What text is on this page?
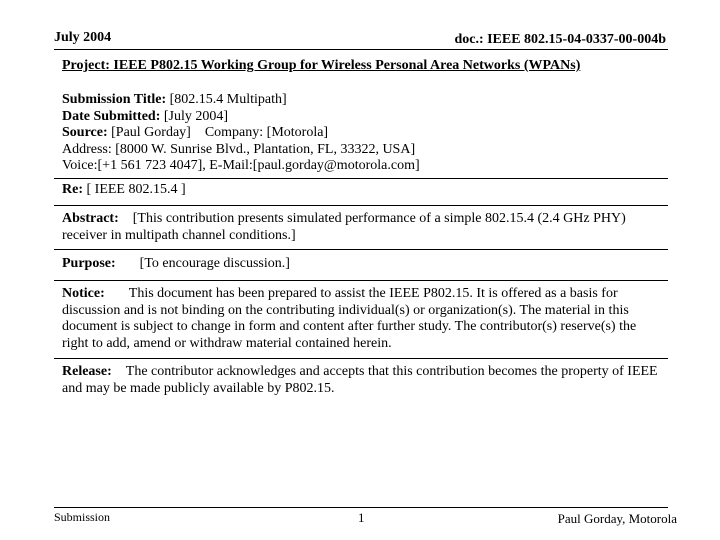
July 2004	doc.: IEEE 802.15-04-0337-00-004b
Project: IEEE P802.15 Working Group for Wireless Personal Area Networks (WPANs)
Submission Title: [802.15.4 Multipath]
Date Submitted: [July 2004]
Source: [Paul Gorday] Company: [Motorola]
Address: [8000 W. Sunrise Blvd., Plantation, FL, 33322, USA]
Voice:[+1 561 723 4047], E-Mail:[paul.gorday@motorola.com]
Re: [ IEEE 802.15.4 ]
Abstract: [This contribution presents simulated performance of a simple 802.15.4 (2.4 GHz PHY) receiver in multipath channel conditions.]
Purpose: [To encourage discussion.]
Notice: This document has been prepared to assist the IEEE P802.15. It is offered as a basis for discussion and is not binding on the contributing individual(s) or organization(s). The material in this document is subject to change in form and content after further study. The contributor(s) reserve(s) the right to add, amend or withdraw material contained herein.
Release: The contributor acknowledges and accepts that this contribution becomes the property of IEEE and may be made publicly available by P802.15.
Submission	1	Paul Gorday, Motorola
